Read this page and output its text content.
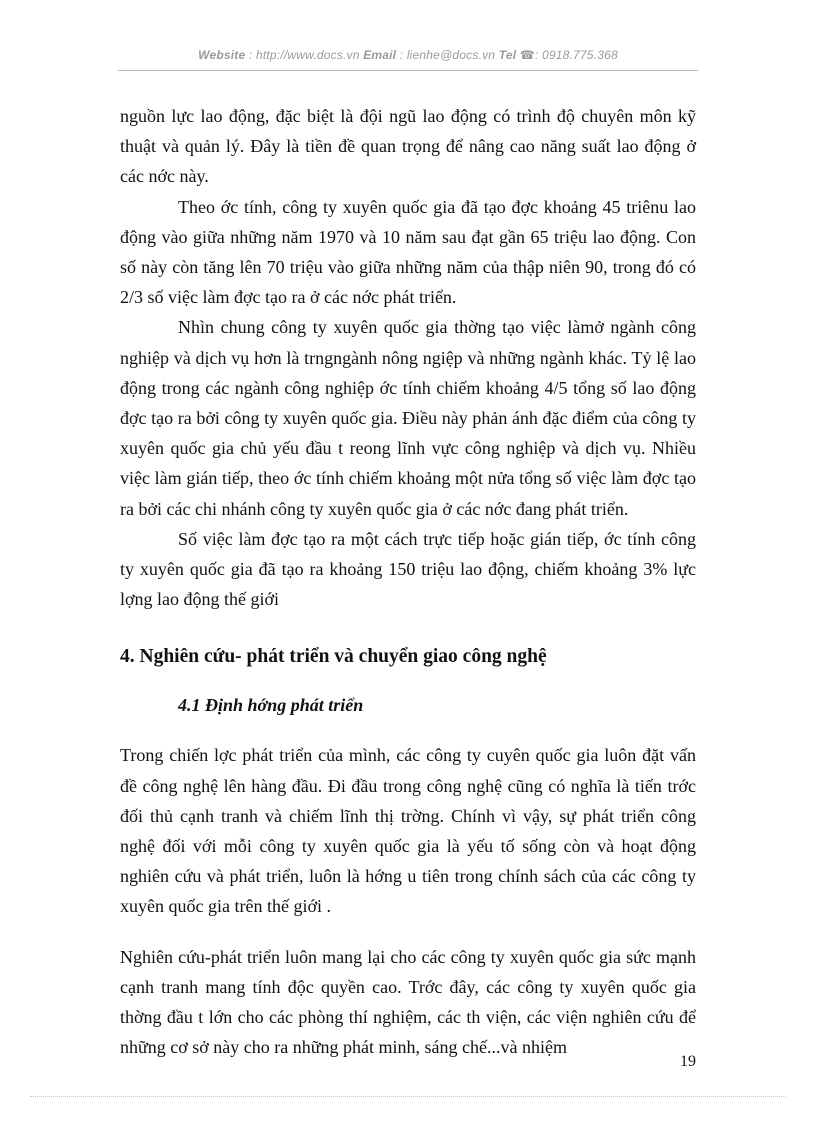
Website : http://www.docs.vn Email : lienhe@docs.vn Tel ☎: 0918.775.368

nguồn lực lao động, đặc biệt là đội ngũ lao động có trình độ chuyên môn kỹ thuật và quản lý. Đây là tiền đề quan trọng để nâng cao năng suất lao động ở các nớc này.

Theo ớc tính, công ty xuyên quốc gia đã tạo đợc khoảng 45 triênu lao động vào giữa những năm 1970 và 10 năm sau đạt gần 65 triệu lao động. Con số này còn tăng lên 70 triệu vào giữa những năm của thập niên 90, trong đó có 2/3 số việc làm đợc tạo ra ở các nớc phát triển.

Nhìn chung công ty xuyên quốc gia thờng tạo việc làmở ngành công nghiệp và dịch vụ hơn là trngngành nông ngiệp và những ngành khác. Tỷ lệ lao động trong các ngành công nghiệp ớc tính chiếm khoảng 4/5 tổng số lao động đợc tạo ra bởi công ty xuyên quốc gia. Điều này phản ánh đặc điểm của công ty xuyên quốc gia chủ yếu đầu t reong lĩnh vực công nghiệp và dịch vụ. Nhiều việc làm gián tiếp, theo ớc tính chiếm khoảng một nửa tổng số việc làm đợc tạo ra bởi các chi nhánh công ty xuyên quốc gia ở các nớc đang phát triển.

Số việc làm đợc tạo ra một cách trực tiếp hoặc gián tiếp, ớc tính công ty xuyên quốc gia đã tạo ra khoảng 150 triệu lao động, chiếm khoảng 3% lực lợng lao động thế giới

4. Nghiên cứu- phát triển và chuyển giao công nghệ
4.1 Định hớng phát triển

Trong chiến lợc phát triển của mình, các công ty cuyên quốc gia luôn đặt vấn đề công nghệ lên hàng đầu. Đi đầu trong công nghệ cũng có nghĩa là tiến trớc đối thủ cạnh tranh và chiếm lĩnh thị trờng. Chính vì vậy, sự phát triển công nghệ đối với mỗi công ty xuyên quốc gia là yếu tố sống còn và hoạt động nghiên cứu và phát triển, luôn là hớng u tiên trong chính sách của các công ty xuyên quốc gia trên thế giới .

Nghiên cứu-phát triển luôn mang lại cho các công ty xuyên quốc gia sức mạnh cạnh tranh mang tính độc quyền cao. Trớc đây, các công ty xuyên quốc gia thờng đầu t lớn cho các phòng thí nghiệm, các th viện, các viện nghiên cứu để những cơ sở này cho ra những phát minh, sáng chế...và nhiệm

19
